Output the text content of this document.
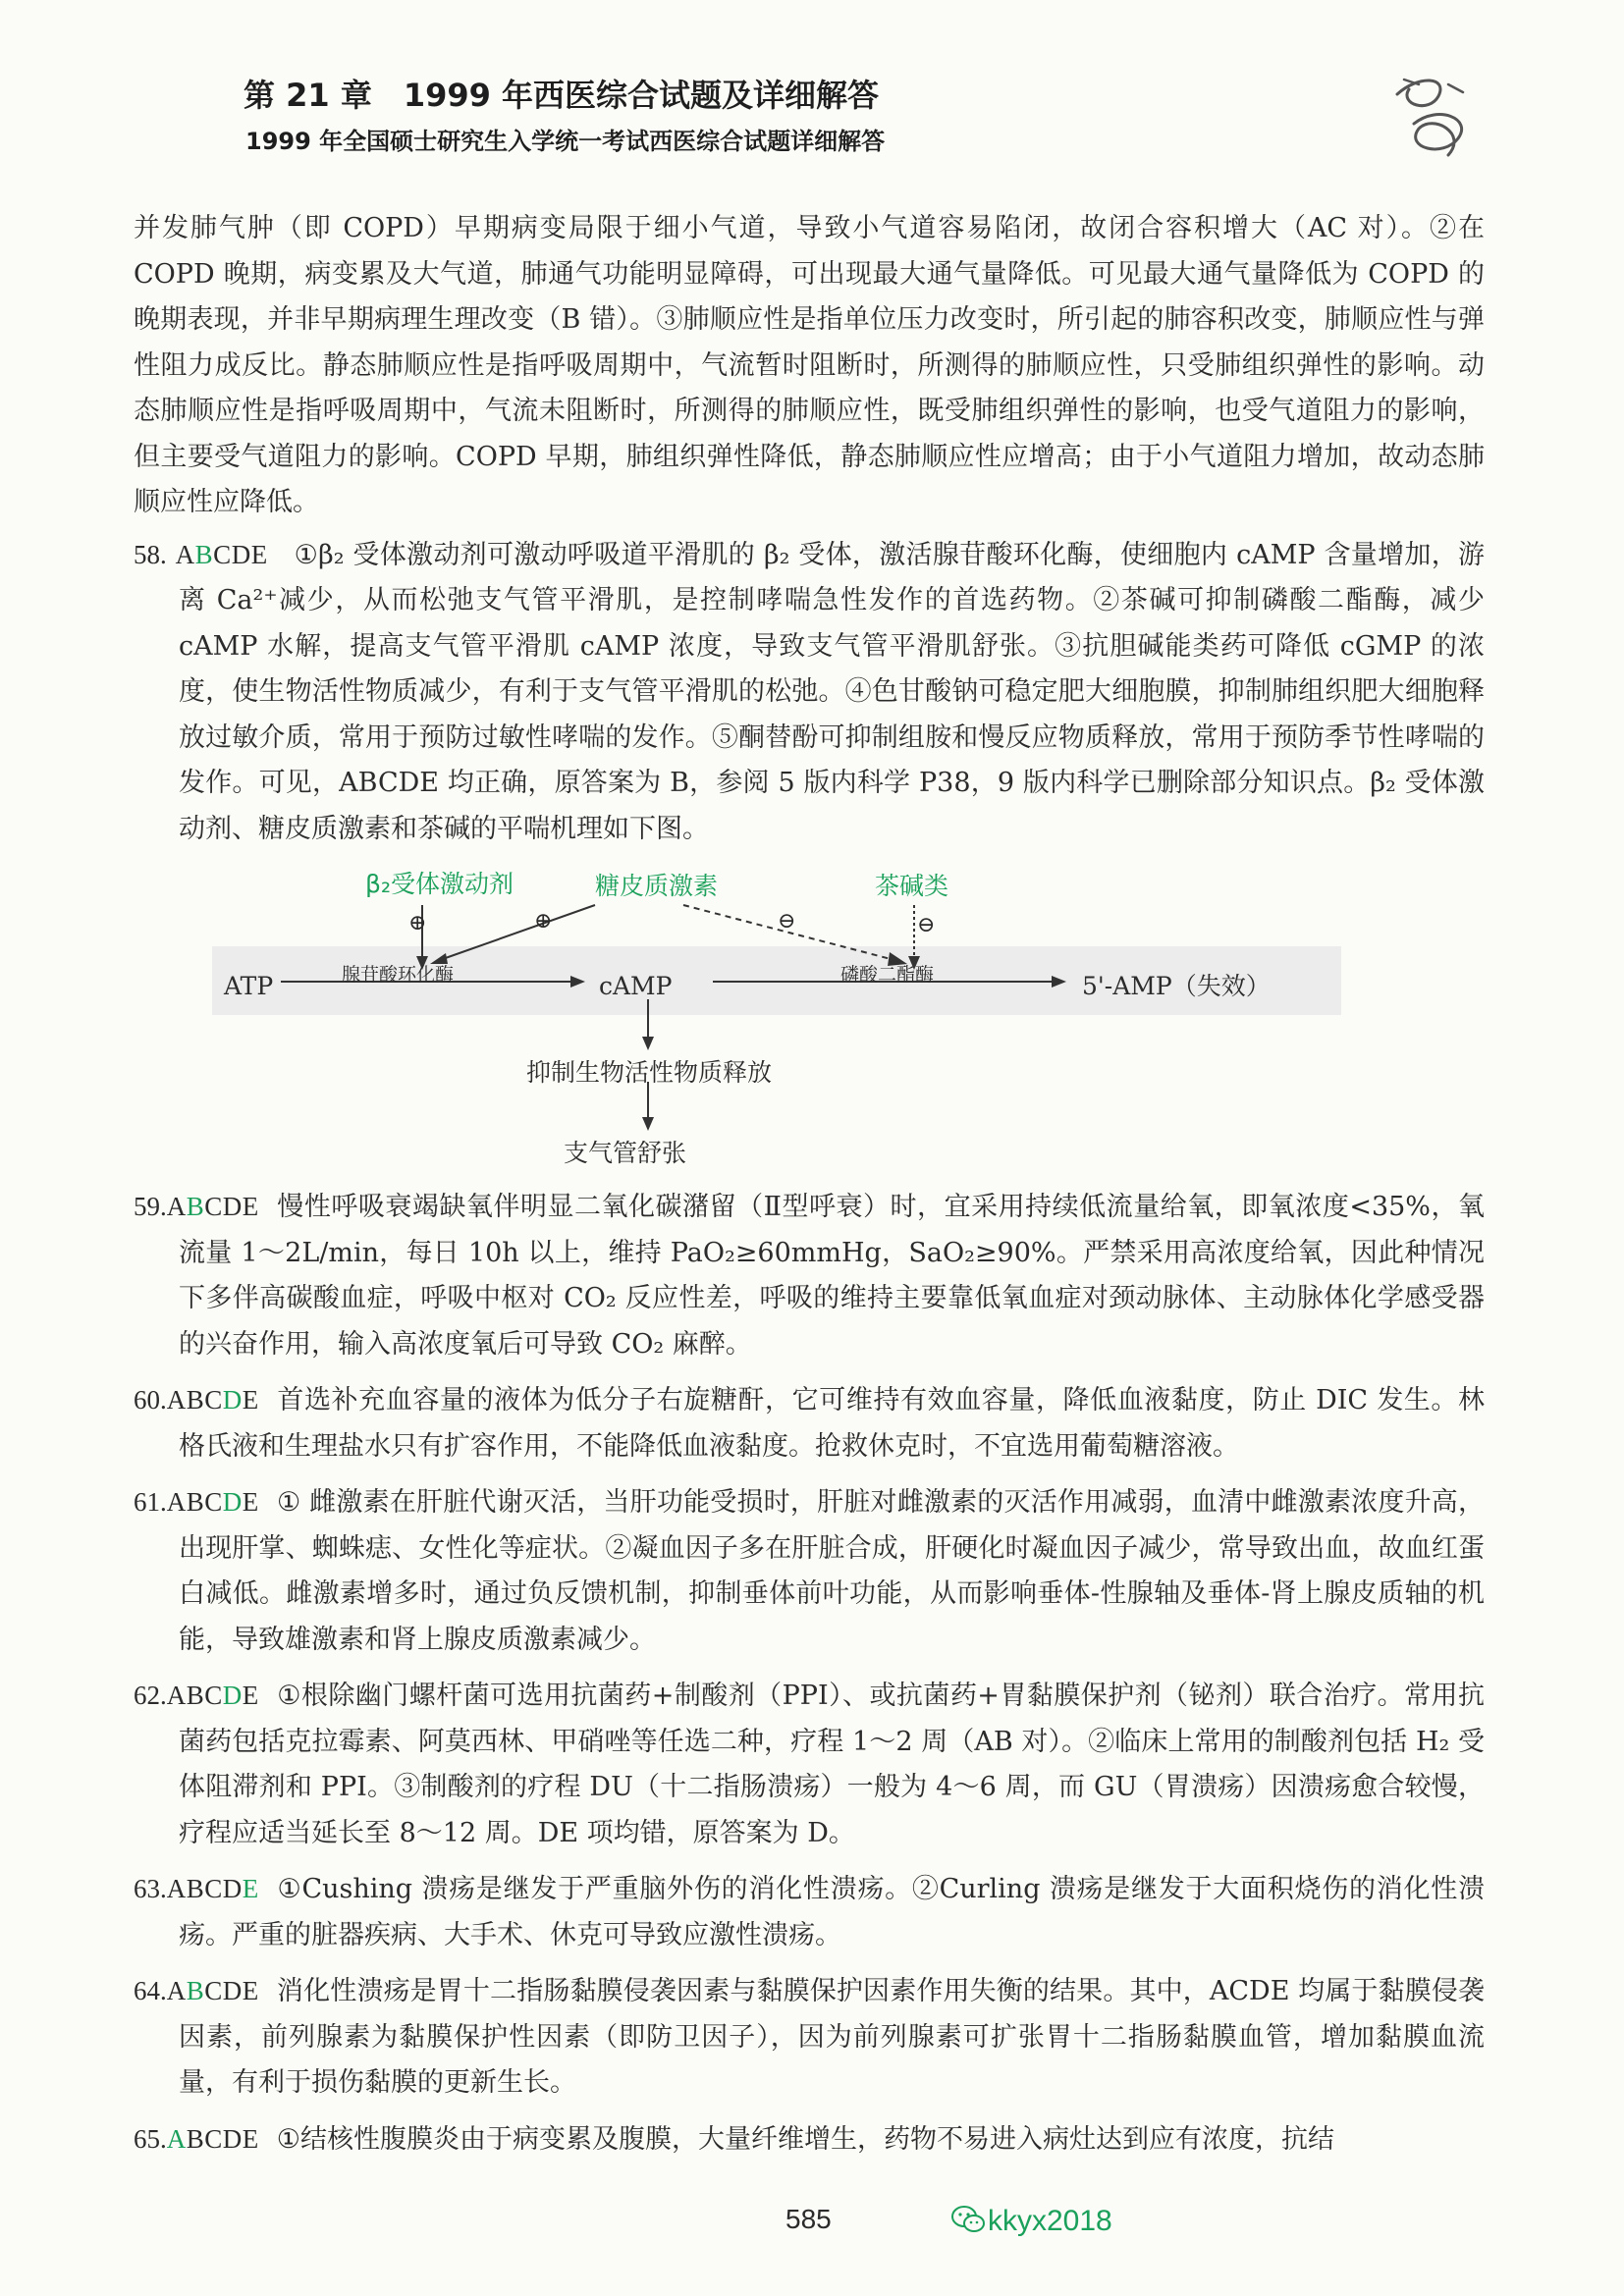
第 21 章　1999 年西医综合试题及详细解答
1999 年全国硕士研究生入学统一考试西医综合试题详细解答

并发肺气肿（即 COPD）早期病变局限于细小气道，导致小气道容易陷闭，故闭合容积增大（AC 对）。②在 COPD 晚期，病变累及大气道，肺通气功能明显障碍，可出现最大通气量降低。可见最大通气量降低为 COPD 的晚期表现，并非早期病理生理改变（B 错）。③肺顺应性是指单位压力改变时，所引起的肺容积改变，肺顺应性与弹性阻力成反比。静态肺顺应性是指呼吸周期中，气流暂时阻断时，所测得的肺顺应性，只受肺组织弹性的影响。动态肺顺应性是指呼吸周期中，气流未阻断时，所测得的肺顺应性，既受肺组织弹性的影响，也受气道阻力的影响，但主要受气道阻力的影响。COPD 早期，肺组织弹性降低，静态肺顺应性应增高；由于小气道阻力增加，故动态肺顺应性应降低。

58. ABCDE ①β₂ 受体激动剂可激动呼吸道平滑肌的 β₂ 受体，激活腺苷酸环化酶，使细胞内 cAMP 含量增加，游离 Ca²⁺减少，从而松弛支气管平滑肌，是控制哮喘急性发作的首选药物。②茶碱可抑制磷酸二酯酶，减少 cAMP 水解，提高支气管平滑肌 cAMP 浓度，导致支气管平滑肌舒张。③抗胆碱能类药可降低 cGMP 的浓度，使生物活性物质减少，有利于支气管平滑肌的松弛。④色甘酸钠可稳定肥大细胞膜，抑制肺组织肥大细胞释放过敏介质，常用于预防过敏性哮喘的发作。⑤酮替酚可抑制组胺和慢反应物质释放，常用于预防季节性哮喘的发作。可见，ABCDE 均正确，原答案为 B，参阅 5 版内科学 P38，9 版内科学已删除部分知识点。β₂ 受体激动剂、糖皮质激素和茶碱的平喘机理如下图。

β₂受体激动剂	糖皮质激素	茶碱类
⊕	⊕	⊖	⊖
ATP	腺苷酸环化酶	cAMP	磷酸二酯酶	5'-AMP（失效）
抑制生物活性物质释放
支气管舒张

59.ABCDE 慢性呼吸衰竭缺氧伴明显二氧化碳潴留（Ⅱ型呼衰）时，宜采用持续低流量给氧，即氧浓度<35%，氧流量 1～2L/min，每日 10h 以上，维持 PaO₂≥60mmHg，SaO₂≥90%。严禁采用高浓度给氧，因此种情况下多伴高碳酸血症，呼吸中枢对 CO₂ 反应性差，呼吸的维持主要靠低氧血症对颈动脉体、主动脉体化学感受器的兴奋作用，输入高浓度氧后可导致 CO₂ 麻醉。

60.ABCDE 首选补充血容量的液体为低分子右旋糖酐，它可维持有效血容量，降低血液黏度，防止 DIC 发生。林格氏液和生理盐水只有扩容作用，不能降低血液黏度。抢救休克时，不宜选用葡萄糖溶液。

61.ABCDE ① 雌激素在肝脏代谢灭活，当肝功能受损时，肝脏对雌激素的灭活作用减弱，血清中雌激素浓度升高，出现肝掌、蜘蛛痣、女性化等症状。②凝血因子多在肝脏合成，肝硬化时凝血因子减少，常导致出血，故血红蛋白减低。雌激素增多时，通过负反馈机制，抑制垂体前叶功能，从而影响垂体-性腺轴及垂体-肾上腺皮质轴的机能，导致雄激素和肾上腺皮质激素减少。

62.ABCDE ①根除幽门螺杆菌可选用抗菌药+制酸剂（PPI）、或抗菌药+胃黏膜保护剂（铋剂）联合治疗。常用抗菌药包括克拉霉素、阿莫西林、甲硝唑等任选二种，疗程 1～2 周（AB 对）。②临床上常用的制酸剂包括 H₂ 受体阻滞剂和 PPI。③制酸剂的疗程 DU（十二指肠溃疡）一般为 4～6 周，而 GU（胃溃疡）因溃疡愈合较慢，疗程应适当延长至 8～12 周。DE 项均错，原答案为 D。

63.ABCDE ①Cushing 溃疡是继发于严重脑外伤的消化性溃疡。②Curling 溃疡是继发于大面积烧伤的消化性溃疡。严重的脏器疾病、大手术、休克可导致应激性溃疡。

64.ABCDE 消化性溃疡是胃十二指肠黏膜侵袭因素与黏膜保护因素作用失衡的结果。其中，ACDE 均属于黏膜侵袭因素，前列腺素为黏膜保护性因素（即防卫因子），因为前列腺素可扩张胃十二指肠黏膜血管，增加黏膜血流量，有利于损伤黏膜的更新生长。

65.ABCDE ①结核性腹膜炎由于病变累及腹膜，大量纤维增生，药物不易进入病灶达到应有浓度，抗结

585	kkyx2018
